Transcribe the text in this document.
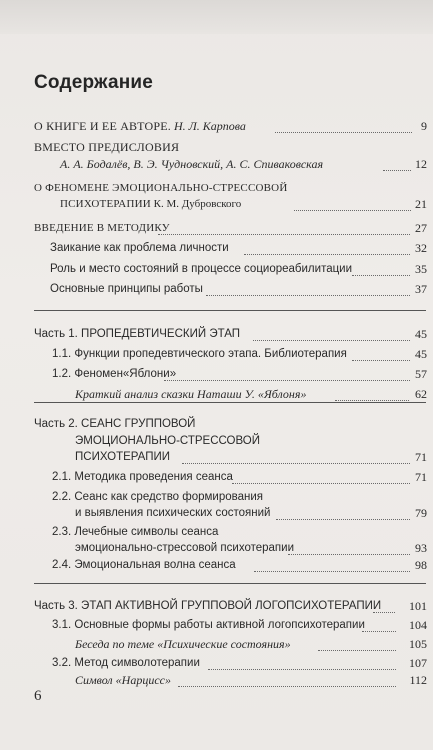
Содержание
О КНИГЕ И ЕЕ АВТОРЕ. Н. Л. Карпова	9
ВМЕСТО ПРЕДИСЛОВИЯ
А. А. Бодалёв, В. Э. Чудновский, А. С. Спиваковская	12
О ФЕНОМЕНЕ ЭМОЦИОНАЛЬНО-СТРЕССОВОЙ
ПСИХОТЕРАПИИ К. М. Дубровского	21
ВВЕДЕНИЕ В МЕТОДИКУ	27
Заикание как проблема личности	32
Роль и место состояний в процессе социореабилитации	35
Основные принципы работы	37
Часть 1. ПРОПЕДЕВТИЧЕСКИЙ ЭТАП	45
1.1. Функции пропедевтического этапа. Библиотерапия	45
1.2. Феномен«Яблони»	57
Краткий анализ сказки Наташи У. «Яблоня»	62
Часть 2. СЕАНС ГРУППОВОЙ
ЭМОЦИОНАЛЬНО-СТРЕССОВОЙ
ПСИХОТЕРАПИИ	71
2.1. Методика проведения сеанса	71
2.2. Сеанс как средство формирования
и выявления психических состояний	79
2.3. Лечебные символы сеанса
эмоционально-стрессовой психотерапии	93
2.4. Эмоциональная волна сеанса	98
Часть 3. ЭТАП АКТИВНОЙ ГРУППОВОЙ ЛОГОПСИХОТЕРАПИИ	101
3.1. Основные формы работы активной логопсихотерапии	104
Беседа по теме «Психические состояния»	105
3.2. Метод символотерапии	107
Символ «Нарцисс»	112
6
